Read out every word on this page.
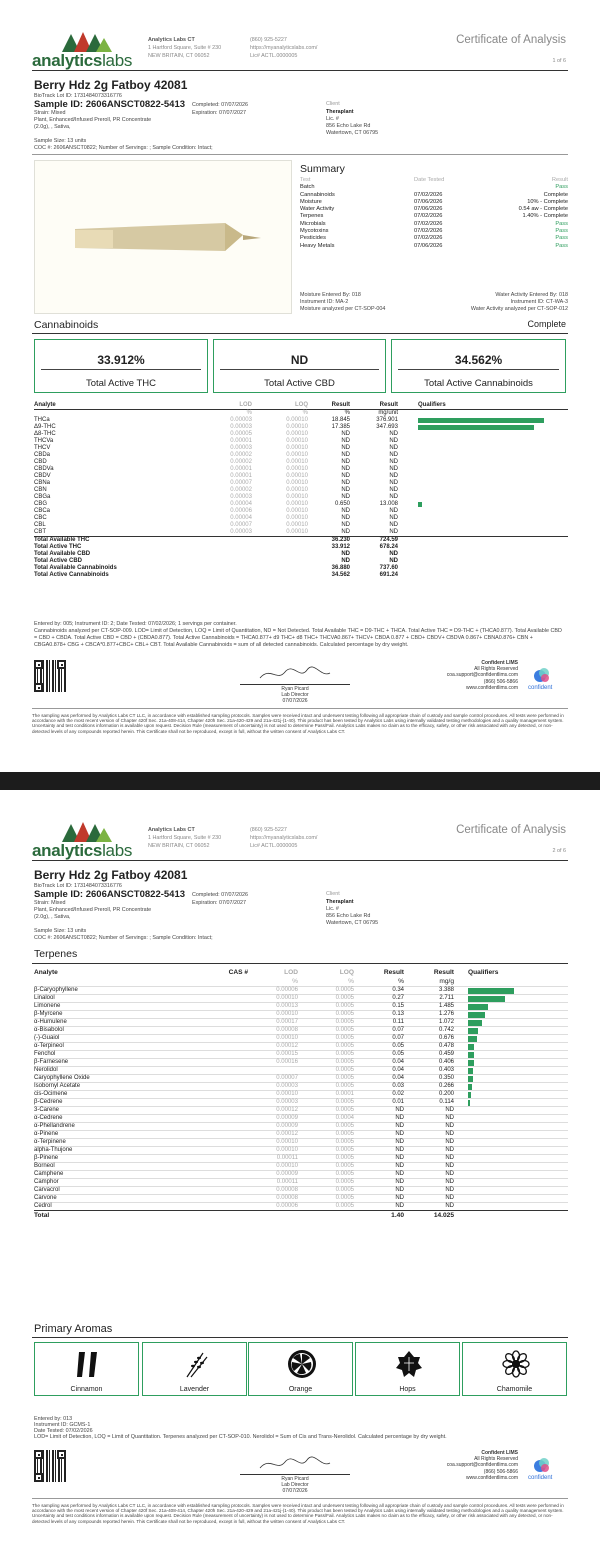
analyticslabs
Analytics Labs CT
1 Hartford Square, Suite # 230
NEW BRITAIN, CT 06052
(860) 925-5227
https://myanalyticslabs.com/
Lic# ACTL.0000005
Certificate of Analysis
1 of 6
Berry Hdz 2g Fatboy 42081
BioTrack Lot ID: 1731484073316776
Sample ID: 2606ANSCT0822-5413 Completed: 07/07/2026
Expiration: 07/07/2027
Strain: Mixed
Plant, Enhanced/Infused Preroll, PR Concentrate
(2.0g), , Sativa,
Sample Size: 13 units
COC #: 2606ANSCT0822; Number of Servings: ; Sample Condition: Intact;
Client
Theraplant
Lic. #
856 Echo Lake Rd
Watertown, CT 06795
Summary
Test	Date Tested	Result
Batch		Pass
Cannabinoids	07/02/2026	Complete
Moisture	07/06/2026	10% - Complete
Water Activity	07/06/2026	0.54 aw - Complete
Terpenes	07/02/2026	1.40% - Complete
Microbials	07/02/2026	Pass
Mycotoxins	07/02/2026	Pass
Pesticides	07/02/2026	Pass
Heavy Metals	07/06/2026	Pass
Moisture Entered By: 018
Instrument ID: MA-2
Moisture analyzed per CT-SOP-004
Water Activity Entered By: 018
Instrument ID: CT-WA-3
Water Activity analyzed per CT-SOP-012
Cannabinoids	Complete
33.912%
Total Active THC
ND
Total Active CBD
34.562%
Total Active Cannabinoids
Analyte	LOD	LOQ	Result	Result		Qualifiers
	%	%	%	mg/unit		
THCa	0.00003	0.00010	18.845	376.901		

Δ9-THC	0.00003	0.00010	17.385	347.693		

Δ8-THC	0.00005	0.00010	ND	ND		
THCVa	0.00001	0.00010	ND	ND		
THCV	0.00003	0.00010	ND	ND		
CBDa	0.00002	0.00010	ND	ND		
CBD	0.00002	0.00010	ND	ND		
CBDVa	0.00001	0.00010	ND	ND		
CBDV	0.00001	0.00010	ND	ND		
CBNa	0.00007	0.00010	ND	ND		
CBN	0.00002	0.00010	ND	ND		
CBGa	0.00003	0.00010	ND	ND		
CBG	0.00004	0.00010	0.650	13.008		

CBCa	0.00006	0.00010	ND	ND		
CBC	0.00004	0.00010	ND	ND		
CBL	0.00007	0.00010	ND	ND		
CBT	0.00003	0.00010	ND	ND		
Total Available THC			36.230	724.59		
Total Active THC			33.912	678.24		
Total Available CBD			ND	ND		
Total Active CBD			ND	ND		
Total Available Cannabinoids			36.880	737.60		
Total Active Cannabinoids			34.562	691.24		
Entered by: 005; Instrument ID: 2; Date Tested: 07/02/2026; 1 servings per container.
Cannabinoids analyzed per CT-SOP-009. LOD= Limit of Detection, LOQ = Limit of Quantitation, ND = Not Detected. Total Available THC = D9-THC + THCA. Total Active THC = D9-THC + (THCA0.877). Total Available CBD = CBD + CBDA. Total Active CBD = CBD + (CBDA0.877). Total Active Cannabinoids = THCA0.877+ d9 THC+ d8 THC+ THCVA0.867+ THCV+ CBDA 0.877 + CBD+ CBDV+ CBDVA 0.867+ CBNA0.876+ CBN + CBGA0.878+ CBG + CBCA*0.877+CBC+ CBL+ CBT. Total Available Cannabinoids = sum of all detected cannabinoids. Calculated percentage by dry weight.
Ryan Picard
Lab Director
07/07/2026
Confident LIMS
All Rights Reserved
coa.support@confidentlims.com
(866) 506-5866
www.confidentlims.com confident
The sampling was performed by Analytics Labs CT LLC, in accordance with established sampling protocols. Samples were received intact and underwent testing following all appropriate chain of custody and sample control procedures. All tests were performed in accordance with the most recent version of Chapter 420f Sec. 21a-408-414, Chapter 420h Sec. 21a-420-429 and 21a-421j-(1-40). This product has been tested by Analytics Labs using internally validated testing methodologies and a quality management system. Uncertainty and test conditions information is available upon request. Decision Rule (measurement of uncertainty) is not used to determine Pass/Fail. Analytics Labs makes no claim as to the efficacy, safety, or other risk associated with any detected, or non-detected levels of any compounds reported herein. This Certificate shall not be reproduced, except in full, without the written consent of Analytics Labs CT.
analyticslabs
Analytics Labs CT
1 Hartford Square, Suite # 230
NEW BRITAIN, CT 06052
(860) 925-5227
https://myanalyticslabs.com/
Lic# ACTL.0000005
Certificate of Analysis
2 of 6
Berry Hdz 2g Fatboy 42081
BioTrack Lot ID: 1731484073316776
Sample ID: 2606ANSCT0822-5413 Completed: 07/07/2026
Expiration: 07/07/2027
Strain: Mixed
Plant, Enhanced/Infused Preroll, PR Concentrate
(2.0g), , Sativa,
Sample Size: 13 units
COC #: 2606ANSCT0822; Number of Servings: ; Sample Condition: Intact;
Client
Theraplant
Lic. #
856 Echo Lake Rd
Watertown, CT 06795
Terpenes
Analyte	CAS #	LOD	LOQ	Result	Result		Qualifiers
		%	%	%	mg/g		
β-Caryophyllene		0.00006	0.0005	0.34	3.388		

Linalool		0.00010	0.0005	0.27	2.711		

Limonene		0.00013	0.0005	0.15	1.485		

β-Myrcene		0.00010	0.0005	0.13	1.276		

α-Humulene		0.00017	0.0005	0.11	1.072		

α-Bisabolol		0.00008	0.0005	0.07	0.742		

(-)-Guaiol		0.00010	0.0005	0.07	0.676		

α-Terpineol		0.00012	0.0005	0.05	0.478		

Fenchol		0.00015	0.0005	0.05	0.459		

β-Farnesene		0.00016	0.0005	0.04	0.406		

Nerolidol			0.0005	0.04	0.403		

Caryophyllene Oxide		0.00007	0.0005	0.04	0.350		

Isobornyl Acetate		0.00003	0.0005	0.03	0.266		

cis-Ocimene		0.00010	0.0001	0.02	0.200		

β-Cedrene		0.00003	0.0005	0.01	0.114		

3-Carene		0.00012	0.0005	ND	ND		
α-Cedrene		0.00009	0.0004	ND	ND		
α-Phellandrene		0.00009	0.0005	ND	ND		
α-Pinene		0.00012	0.0005	ND	ND		
α-Terpinene		0.00010	0.0005	ND	ND		
alpha-Thujone		0.00010	0.0005	ND	ND		
β-Pinene		0.00011	0.0005	ND	ND		
Borneol		0.00010	0.0005	ND	ND		
Camphene		0.00009	0.0005	ND	ND		
Camphor		0.00011	0.0005	ND	ND		
Carvacrol		0.00008	0.0005	ND	ND		
Carvone		0.00008	0.0005	ND	ND		
Cedrol		0.00006	0.0005	ND	ND		
Total				1.40	14.025		
Primary Aromas
Cinnamon	Lavender	Orange	Hops	Chamomile
Entered by: 013
Instrument ID: GCMS-1
Date Tested: 07/02/2026
LOD= Limit of Detection, LOQ = Limit of Quantitation. Terpenes analyzed per CT-SOP-010. Nerolidol = Sum of Cis and Trans-Nerolidol. Calculated percentage by dry weight.
Ryan Picard
Lab Director
07/07/2026
Confident LIMS
All Rights Reserved
coa.support@confidentlims.com
(866) 506-5866
www.confidentlims.com confident
The sampling was performed by Analytics Labs CT LLC, in accordance with established sampling protocols. Samples were received intact and underwent testing following all appropriate chain of custody and sample control procedures. All tests were performed in accordance with the most recent version of Chapter 420f Sec. 21a-408-414, Chapter 420h Sec. 21a-420-429 and 21a-421j-(1-40). This product has been tested by Analytics Labs using internally validated testing methodologies and a quality management system. Uncertainty and test conditions information is available upon request. Decision Rule (measurement of uncertainty) is not used to determine Pass/Fail. Analytics Labs makes no claim as to the efficacy, safety, or other risk associated with any detected, or non-detected levels of any compounds reported herein. This Certificate shall not be reproduced, except in full, without the written consent of Analytics Labs CT.
